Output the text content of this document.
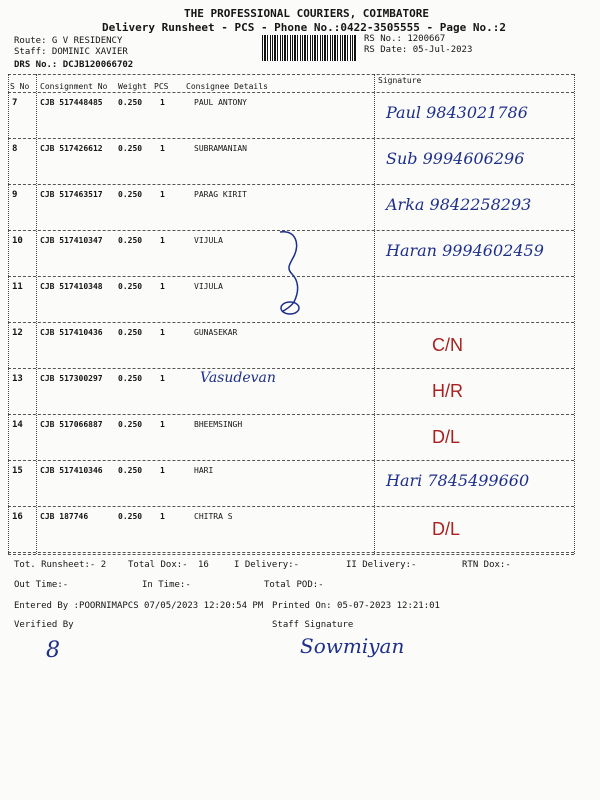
THE PROFESSIONAL COURIERS, COIMBATORE
Delivery Runsheet - PCS - Phone No.:0422-3505555 - Page No.:2
Route: G V RESIDENCY
Staff: DOMINIC XAVIER
DRS No.: DCJB120066702
RS No.: 1200667
RS Date: 05-Jul-2023
S No Consignment No Weight PCS Consignee Details
Signature
7	CJB 517448485 0.250 1	PAUL ANTONY
Paul 9843021786
8	CJB 517426612 0.250 1	SUBRAMANIAN
Sub 9994606296
9	CJB 517463517 0.250 1	PARAG KIRIT
Arka 9842258293
10 CJB 517410347 0.250 1	VIJULA
Haran 9994602459
11 CJB 517410348 0.250 1	VIJULA
12 CJB 517410436 0.250 1	GUNASEKAR
C/N
13 CJB 517300297 0.250 1	Vasudevan
H/R
14 CJB 517066887 0.250 1	BHEEMSINGH
D/L
15 CJB 517410346 0.250 1	HARI
Hari 7845499660
16 CJB 187746	0.250 1	CHITRA S
D/L
Tot. Runsheet:- 2 Total Dox:- 16	I Delivery:-	II Delivery:-	RTN Dox:-
Out Time:-	In Time:-	Total POD:-
Entered By :POORNIMAPCS 07/05/2023 12:20:54 PM Printed On: 05-07-2023 12:21:01
Verified By	Staff Signature
8	Sowmiyan
